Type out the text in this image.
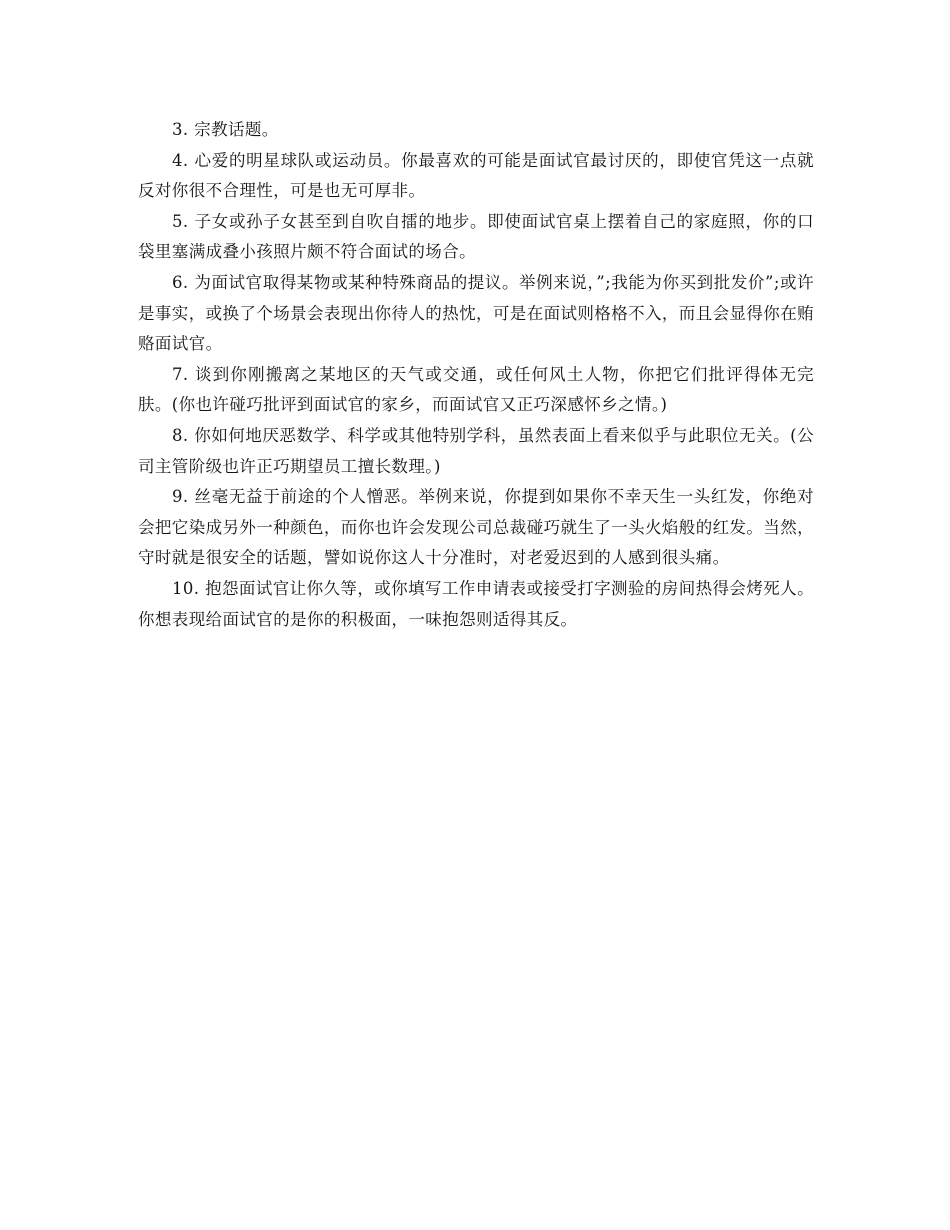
3. 宗教话题。

4. 心爱的明星球队或运动员。你最喜欢的可能是面试官最讨厌的，即使官凭这一点就反对你很不合理性，可是也无可厚非。

5. 子女或孙子女甚至到自吹自擂的地步。即使面试官桌上摆着自己的家庭照，你的口袋里塞满成叠小孩照片颇不符合面试的场合。

6. 为面试官取得某物或某种特殊商品的提议。举例来说，”;我能为你买到批发价”;或许是事实，或换了个场景会表现出你待人的热忱，可是在面试则格格不入，而且会显得你在贿赂面试官。

7. 谈到你刚搬离之某地区的天气或交通，或任何风土人物，你把它们批评得体无完肤。(你也许碰巧批评到面试官的家乡，而面试官又正巧深感怀乡之情。)

8. 你如何地厌恶数学、科学或其他特别学科，虽然表面上看来似乎与此职位无关。(公司主管阶级也许正巧期望员工擅长数理。)

9. 丝毫无益于前途的个人憎恶。举例来说，你提到如果你不幸天生一头红发，你绝对会把它染成另外一种颜色，而你也许会发现公司总裁碰巧就生了一头火焰般的红发。当然，守时就是很安全的话题，譬如说你这人十分准时，对老爱迟到的人感到很头痛。

10. 抱怨面试官让你久等，或你填写工作申请表或接受打字测验的房间热得会烤死人。你想表现给面试官的是你的积极面，一味抱怨则适得其反。
